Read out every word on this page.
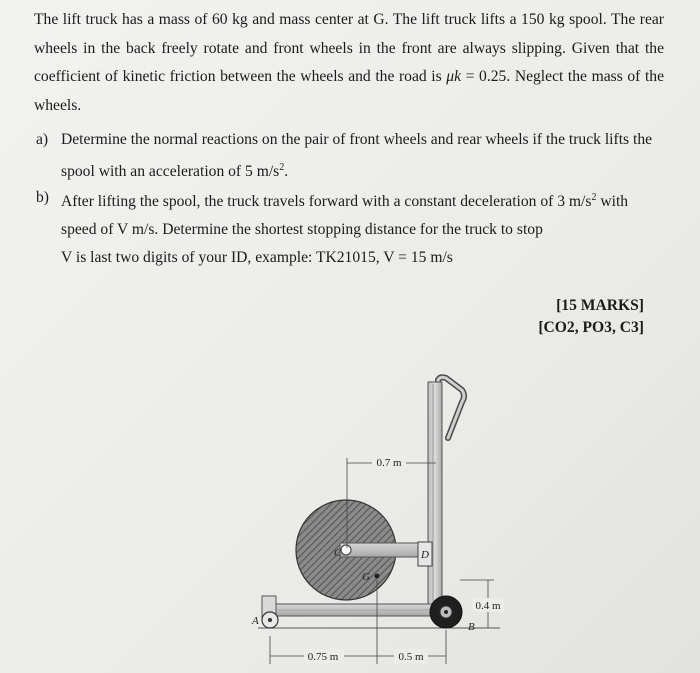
The lift truck has a mass of 60 kg and mass center at G. The lift truck lifts a 150 kg spool. The rear wheels in the back freely rotate and front wheels in the front are always slipping. Given that the coefficient of kinetic friction between the wheels and the road is μk = 0.25. Neglect the mass of the wheels.
a) Determine the normal reactions on the pair of front wheels and rear wheels if the truck lifts the spool with an acceleration of 5 $m/s^2$.
b) After lifting the spool, the truck travels forward with a constant deceleration of 3 $m/s^2$ with speed of V m/s. Determine the shortest stopping distance for the truck to stop
V is last two digits of your ID, example: TK21015, V = 15 m/s
[15 MARKS]
[CO2, PO3, C3]
D
C
G
A	B
0.7 m
0.4 m
0.75 m	0.5 m
